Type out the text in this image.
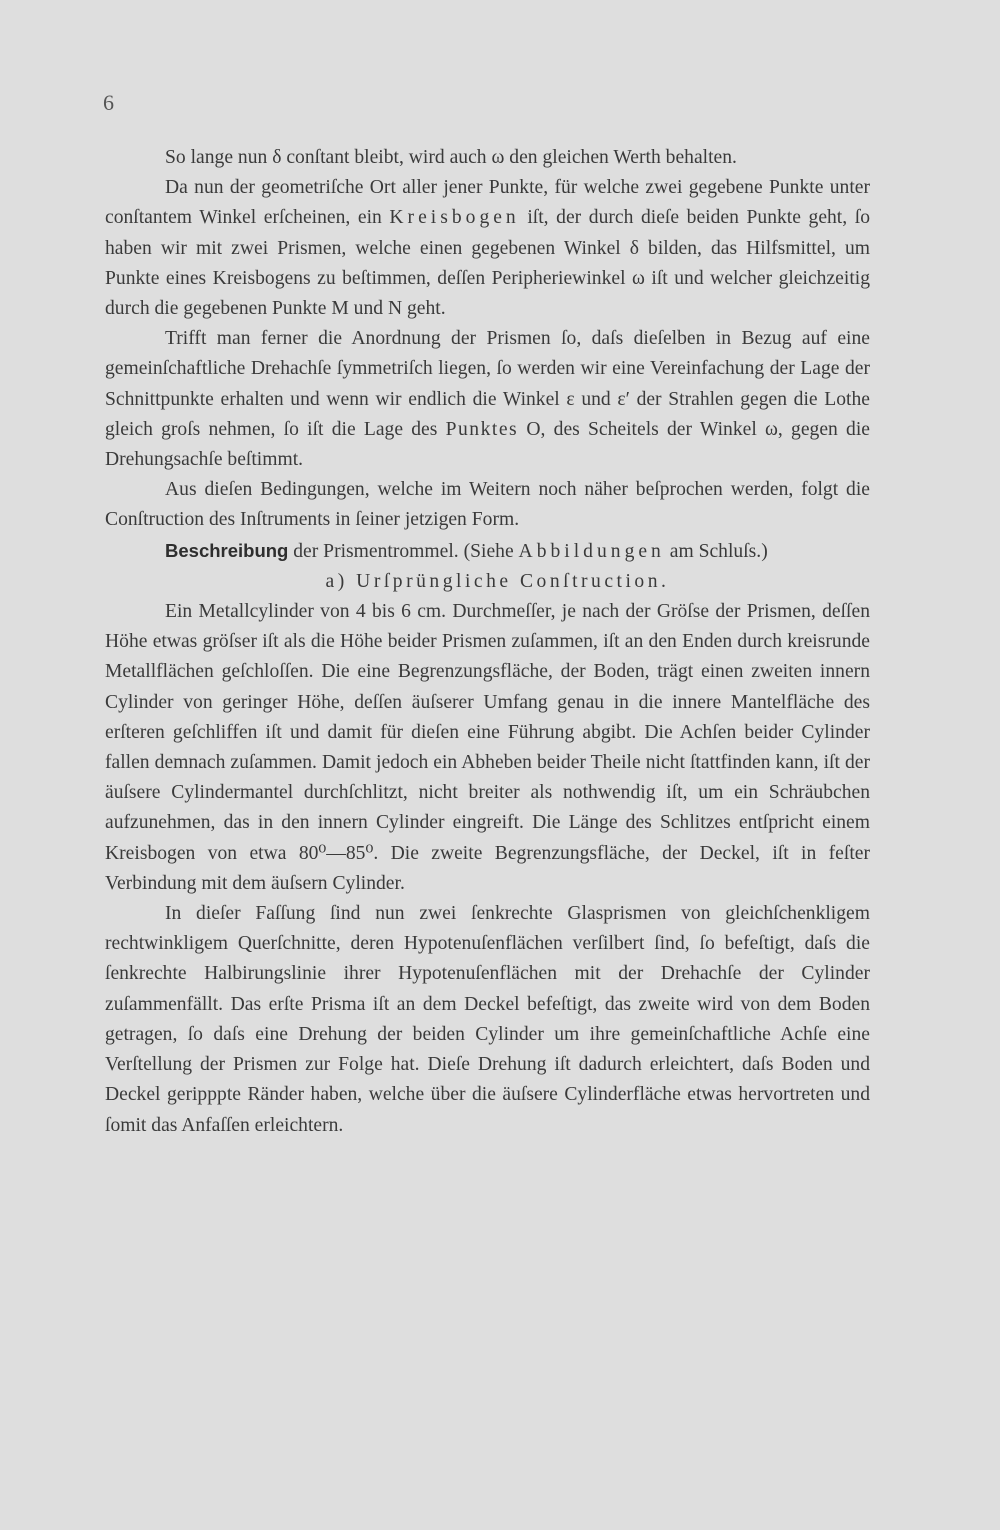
6

So lange nun δ conſtant bleibt, wird auch ω den gleichen Werth behalten.

Da nun der geometriſche Ort aller jener Punkte, für welche zwei gegebene Punkte unter conſtantem Winkel erſcheinen, ein Kreisbogen iſt, der durch dieſe beiden Punkte geht, ſo haben wir mit zwei Prismen, welche einen gegebenen Winkel δ bilden, das Hilfsmittel, um Punkte eines Kreisbogens zu beſtimmen, deſſen Peripheriewinkel ω iſt und welcher gleichzeitig durch die gegebenen Punkte M und N geht.

Trifft man ferner die Anordnung der Prismen ſo, daſs dieſelben in Bezug auf eine gemeinſchaftliche Drehachſe ſymmetriſch liegen, ſo werden wir eine Vereinfachung der Lage der Schnittpunkte erhalten und wenn wir endlich die Winkel ε und ε′ der Strahlen gegen die Lothe gleich groſs nehmen, ſo iſt die Lage des Punktes O, des Scheitels der Winkel ω, gegen die Drehungsachſe beſtimmt.

Aus dieſen Bedingungen, welche im Weitern noch näher beſprochen werden, folgt die Conſtruction des Inſtruments in ſeiner jetzigen Form.

Beschreibung der Prismentrommel. (Siehe Abbildungen am Schluſs.)

a) Urſprüngliche Conſtruction.

Ein Metallcylinder von 4 bis 6 cm. Durchmeſſer, je nach der Gröſse der Prismen, deſſen Höhe etwas gröſser iſt als die Höhe beider Prismen zuſammen, iſt an den Enden durch kreisrunde Metallflächen geſchloſſen. Die eine Begrenzungsfläche, der Boden, trägt einen zweiten innern Cylinder von geringer Höhe, deſſen äuſserer Umfang genau in die innere Mantelfläche des erſteren geſchliffen iſt und damit für dieſen eine Führung abgibt. Die Achſen beider Cylinder fallen demnach zuſammen. Damit jedoch ein Abheben beider Theile nicht ſtattfinden kann, iſt der äuſsere Cylindermantel durchſchlitzt, nicht breiter als nothwendig iſt, um ein Schräubchen aufzunehmen, das in den innern Cylinder eingreift. Die Länge des Schlitzes entſpricht einem Kreisbogen von etwa 80⁰—85⁰. Die zweite Begrenzungsfläche, der Deckel, iſt in feſter Verbindung mit dem äuſsern Cylinder.

In dieſer Faſſung ſind nun zwei ſenkrechte Glasprismen von gleichſchenkligem rechtwinkligem Querſchnitte, deren Hypotenuſenflächen verſilbert ſind, ſo befeſtigt, daſs die ſenkrechte Halbirungslinie ihrer Hypotenuſenflächen mit der Drehachſe der Cylinder zuſammenfällt. Das erſte Prisma iſt an dem Deckel befeſtigt, das zweite wird von dem Boden getragen, ſo daſs eine Drehung der beiden Cylinder um ihre gemeinſchaftliche Achſe eine Verſtellung der Prismen zur Folge hat. Dieſe Drehung iſt dadurch erleichtert, daſs Boden und Deckel geripppte Ränder haben, welche über die äuſsere Cylinderfläche etwas hervortreten und ſomit das Anfaſſen erleichtern.
